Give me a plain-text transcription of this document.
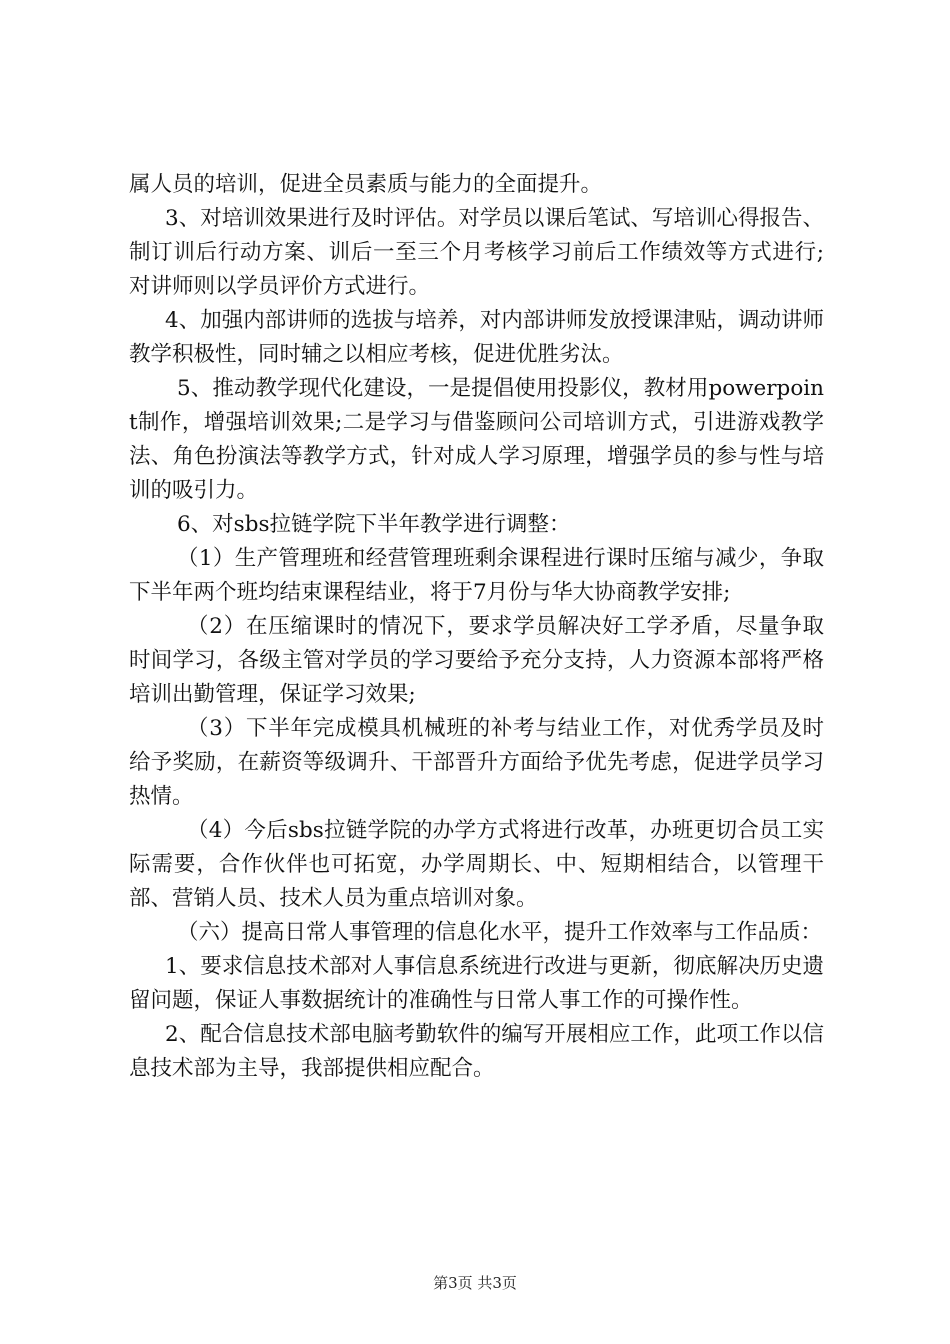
属人员的培训，促进全员素质与能力的全面提升。

3、对培训效果进行及时评估。对学员以课后笔试、写培训心得报告、制订训后行动方案、训后一至三个月考核学习前后工作绩效等方式进行;对讲师则以学员评价方式进行。

4、加强内部讲师的选拔与培养，对内部讲师发放授课津贴，调动讲师教学积极性，同时辅之以相应考核，促进优胜劣汰。

5、推动教学现代化建设，一是提倡使用投影仪，教材用powerpoint制作，增强培训效果;二是学习与借鉴顾问公司培训方式，引进游戏教学法、角色扮演法等教学方式，针对成人学习原理，增强学员的参与性与培训的吸引力。

6、对sbs拉链学院下半年教学进行调整：

（1）生产管理班和经营管理班剩余课程进行课时压缩与减少，争取下半年两个班均结束课程结业，将于7月份与华大协商教学安排;

（2）在压缩课时的情况下，要求学员解决好工学矛盾，尽量争取时间学习，各级主管对学员的学习要给予充分支持，人力资源本部将严格培训出勤管理，保证学习效果;

（3）下半年完成模具机械班的补考与结业工作，对优秀学员及时给予奖励，在薪资等级调升、干部晋升方面给予优先考虑，促进学员学习热情。

（4）今后sbs拉链学院的办学方式将进行改革，办班更切合员工实际需要，合作伙伴也可拓宽，办学周期长、中、短期相结合，以管理干部、营销人员、技术人员为重点培训对象。

（六）提高日常人事管理的信息化水平，提升工作效率与工作品质：

1、要求信息技术部对人事信息系统进行改进与更新，彻底解决历史遗留问题，保证人事数据统计的准确性与日常人事工作的可操作性。

2、配合信息技术部电脑考勤软件的编写开展相应工作，此项工作以信息技术部为主导，我部提供相应配合。

第3页 共3页
